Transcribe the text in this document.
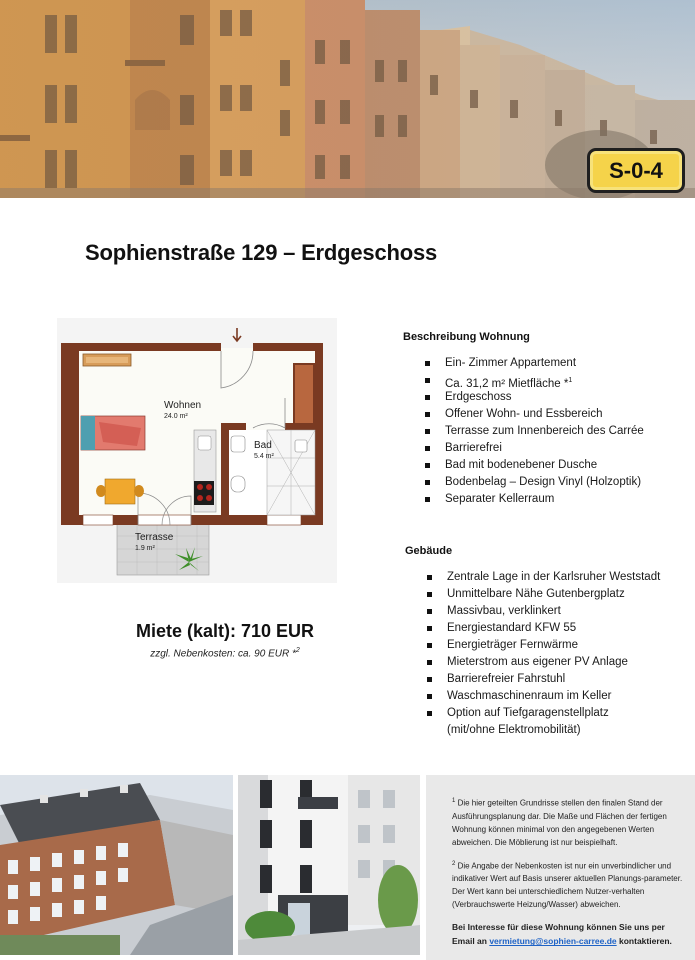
S-0-4
Sophienstraße 129 – Erdgeschoss
Wohnen
24.0 m²
Bad
5.4 m²
Terrasse
1.9 m²
Miete (kalt): 710 EUR
zzgl. Nebenkosten: ca. 90 EUR *$^2$
Beschreibung Wohnung
Ein- Zimmer Appartement
Ca. 31,2 m² Mietfläche *$^1$
Erdgeschoss
Offener Wohn- und Essbereich
Terrasse zum Innenbereich des Carrée
Barrierefrei
Bad mit bodenebener Dusche
Bodenbelag – Design Vinyl (Holzoptik)
Separater Kellerraum
Gebäude
Zentrale Lage in der Karlsruher Weststadt
Unmittelbare Nähe Gutenbergplatz
Massivbau, verklinkert
Energiestandard KFW 55
Energieträger Fernwärme
Mieterstrom aus eigener PV Anlage
Barrierefreier Fahrstuhl
Waschmaschinenraum im Keller
Option auf Tiefgaragenstellplatz
(mit/ohne Elektromobilität)

$^1$ Die hier geteilten Grundrisse stellen den finalen Stand der Ausführungsplanung dar. Die Maße und Flächen der fertigen Wohnung können minimal von den angegebenen Werten abweichen. Die Möblierung ist nur beispielhaft.

$^2$ Die Angabe der Nebenkosten ist nur ein unverbindlicher und indikativer Wert auf Basis unserer aktuellen Planungs-parameter. Der Wert kann bei unterschiedlichem Nutzer-verhalten (Verbrauchswerte Heizung/Wasser) abweichen.

Bei Interesse für diese Wohnung können Sie uns per Email an vermietung@sophien-carree.de kontaktieren.
